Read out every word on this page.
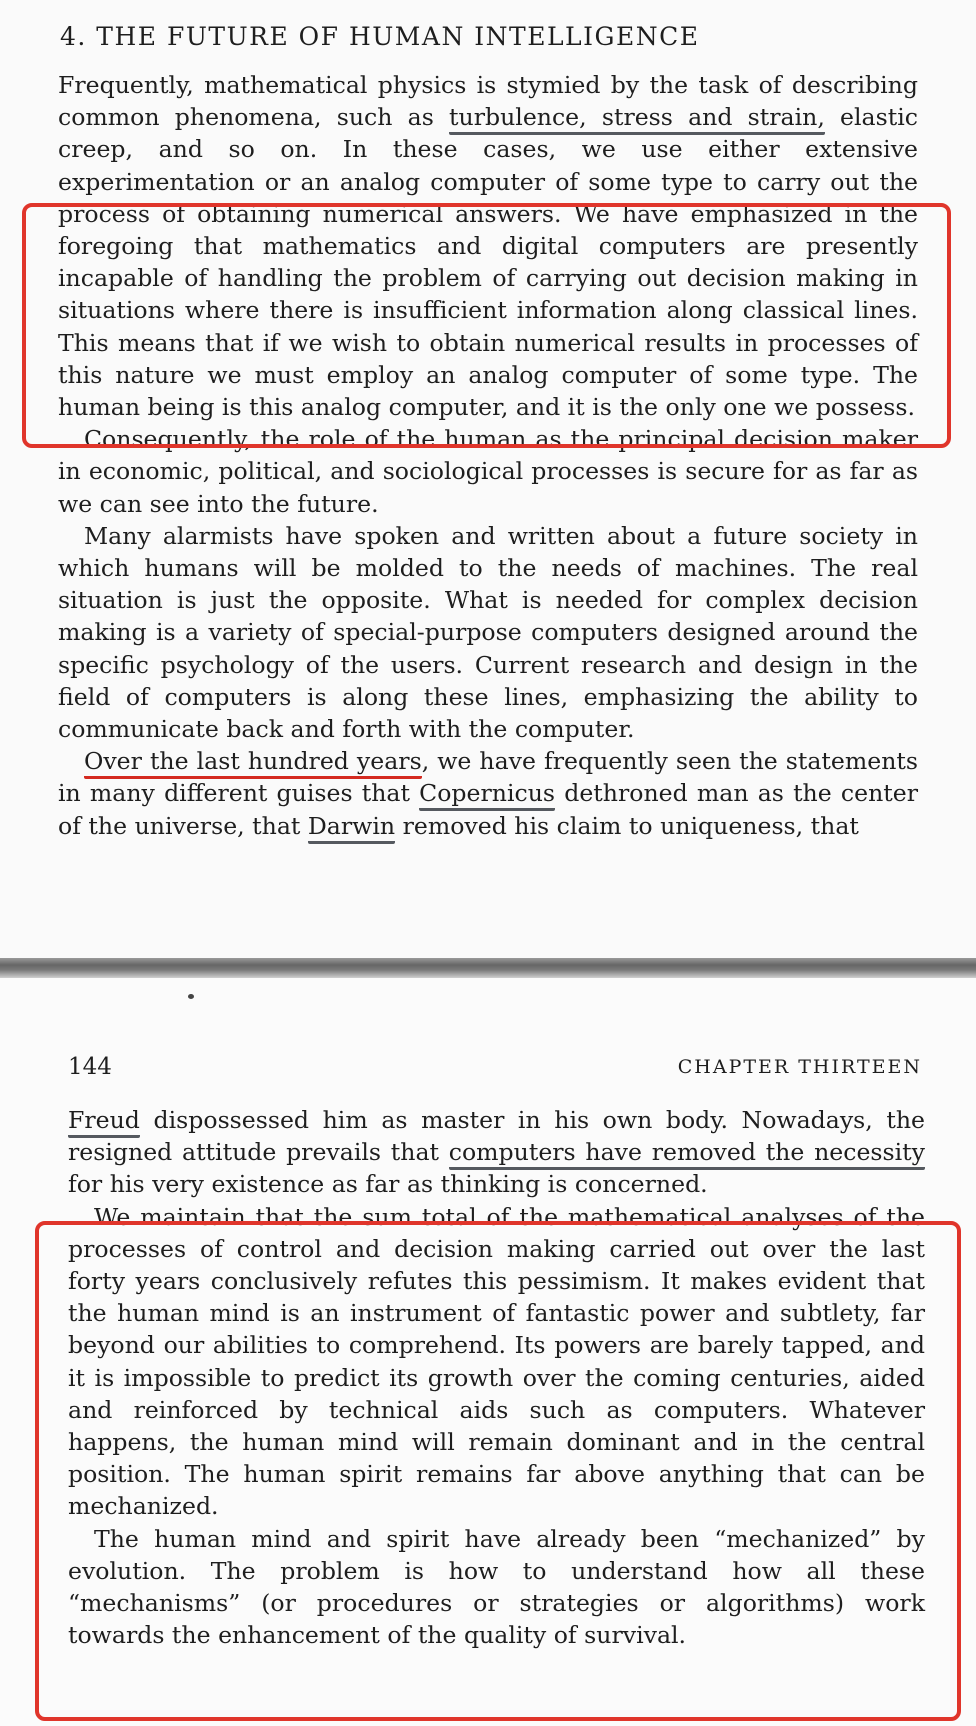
4. THE FUTURE OF HUMAN INTELLIGENCE

Frequently, mathematical physics is stymied by the task of describing common phenomena, such as turbulence, stress and strain, elastic creep, and so on. In these cases, we use either extensive experimentation or an analog computer of some type to carry out the process of obtaining numerical answers. We have emphasized in the foregoing that mathematics and digital computers are presently incapable of handling the problem of carrying out decision making in situations where there is insufficient information along classical lines. This means that if we wish to obtain numerical results in processes of this nature we must employ an analog computer of some type. The human being is this analog computer, and it is the only one we possess.

Consequently, the role of the human as the principal decision maker in economic, political, and sociological processes is secure for as far as we can see into the future.

Many alarmists have spoken and written about a future society in which humans will be molded to the needs of machines. The real situation is just the opposite. What is needed for complex decision making is a variety of special-purpose computers designed around the specific psychology of the users. Current research and design in the field of computers is along these lines, emphasizing the ability to communicate back and forth with the computer.

Over the last hundred years, we have frequently seen the statements in many different guises that Copernicus dethroned man as the center of the universe, that Darwin removed his claim to uniqueness, that

144	CHAPTER THIRTEEN

Freud dispossessed him as master in his own body. Nowadays, the resigned attitude prevails that computers have removed the necessity for his very existence as far as thinking is concerned.

We maintain that the sum total of the mathematical analyses of the processes of control and decision making carried out over the last forty years conclusively refutes this pessimism. It makes evident that the human mind is an instrument of fantastic power and subtlety, far beyond our abilities to comprehend. Its powers are barely tapped, and it is impossible to predict its growth over the coming centuries, aided and reinforced by technical aids such as computers. Whatever happens, the human mind will remain dominant and in the central position. The human spirit remains far above anything that can be mechanized.

The human mind and spirit have already been “mechanized” by evolution. The problem is how to understand how all these “mechanisms” (or procedures or strategies or algorithms) work towards the enhancement of the quality of survival.
